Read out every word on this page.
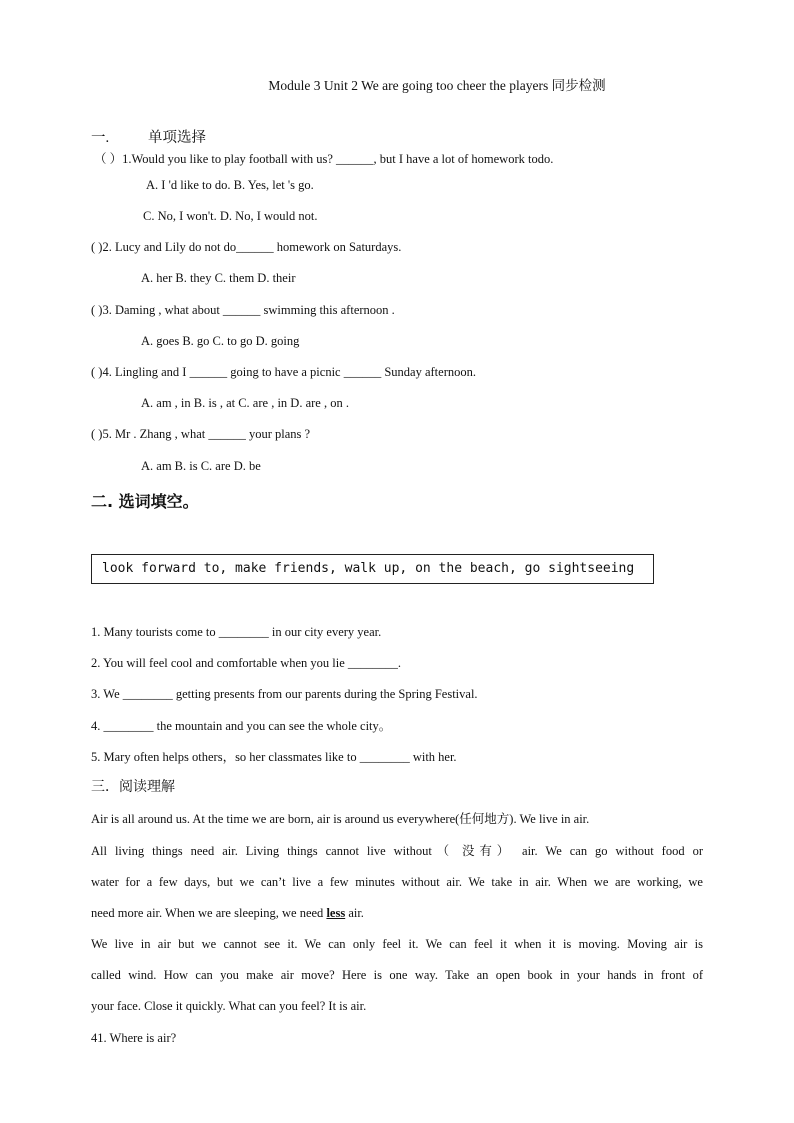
Module 3 Unit 2 We are going too cheer the players 同步检测
一.	单项选择
（ ）1.Would you like to play football with us? ______, but I have a lot of homework todo.
A. I 'd like to do. B. Yes, let 's go.
C. No, I won't. D. No, I would not.
( )2. Lucy and Lily do not do______ homework on Saturdays.
A. her B. they C. them D. their
( )3. Daming , what about ______ swimming this afternoon .
A. goes B. go C. to go D. going
( )4. Lingling and I ______ going to have a picnic ______ Sunday afternoon.
A. am , in B. is , at C. are , in D. are , on .
( )5. Mr . Zhang , what ______ your plans ?
A. am B. is C. are D. be
二. 选词填空。
look forward to, make friends, walk up, on the beach, go sightseeing
1. Many tourists come to ________ in our city every year.
2. You will feel cool and comfortable when you lie ________.
3. We ________ getting presents from our parents during the Spring Festival.
4. ________ the mountain and you can see the whole city。
5. Mary often helps others，so her classmates like to ________ with her.
三．阅读理解
Air is all around us. At the time we are born, air is around us everywhere(任何地方). We live in air.
All living things need air. Living things cannot live without（ 没有） air. We can go without food or
water for a few days, but we can’t live a few minutes without air. We take in air. When we are working, we
need more air. When we are sleeping, we need less air.
We live in air but we cannot see it. We can only feel it. We can feel it when it is moving. Moving air is
called wind. How can you make air move? Here is one way. Take an open book in your hands in front of
your face. Close it quickly. What can you feel? It is air.
41. Where is air?
